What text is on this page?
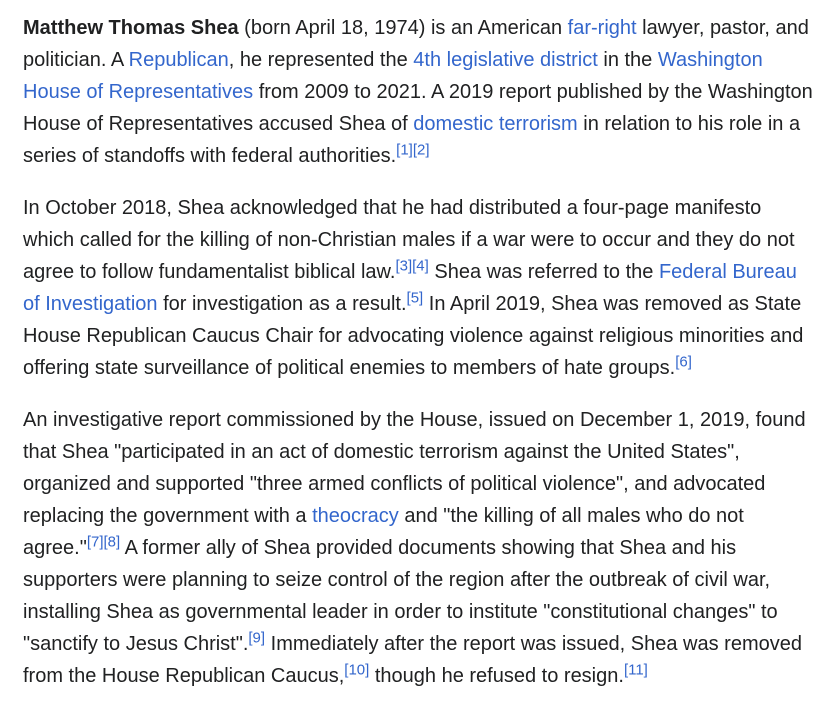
Matthew Thomas Shea (born April 18, 1974) is an American far-right lawyer, pastor, and politician. A Republican, he represented the 4th legislative district in the Washington House of Representatives from 2009 to 2021. A 2019 report published by the Washington House of Representatives accused Shea of domestic terrorism in relation to his role in a series of standoffs with federal authorities.[1][2]

In October 2018, Shea acknowledged that he had distributed a four-page manifesto which called for the killing of non-Christian males if a war were to occur and they do not agree to follow fundamentalist biblical law.[3][4] Shea was referred to the Federal Bureau of Investigation for investigation as a result.[5] In April 2019, Shea was removed as State House Republican Caucus Chair for advocating violence against religious minorities and offering state surveillance of political enemies to members of hate groups.[6]

An investigative report commissioned by the House, issued on December 1, 2019, found that Shea "participated in an act of domestic terrorism against the United States", organized and supported "three armed conflicts of political violence", and advocated replacing the government with a theocracy and "the killing of all males who do not agree."[7][8] A former ally of Shea provided documents showing that Shea and his supporters were planning to seize control of the region after the outbreak of civil war, installing Shea as governmental leader in order to institute "constitutional changes" to "sanctify to Jesus Christ".[9] Immediately after the report was issued, Shea was removed from the House Republican Caucus,[10] though he refused to resign.[11]
